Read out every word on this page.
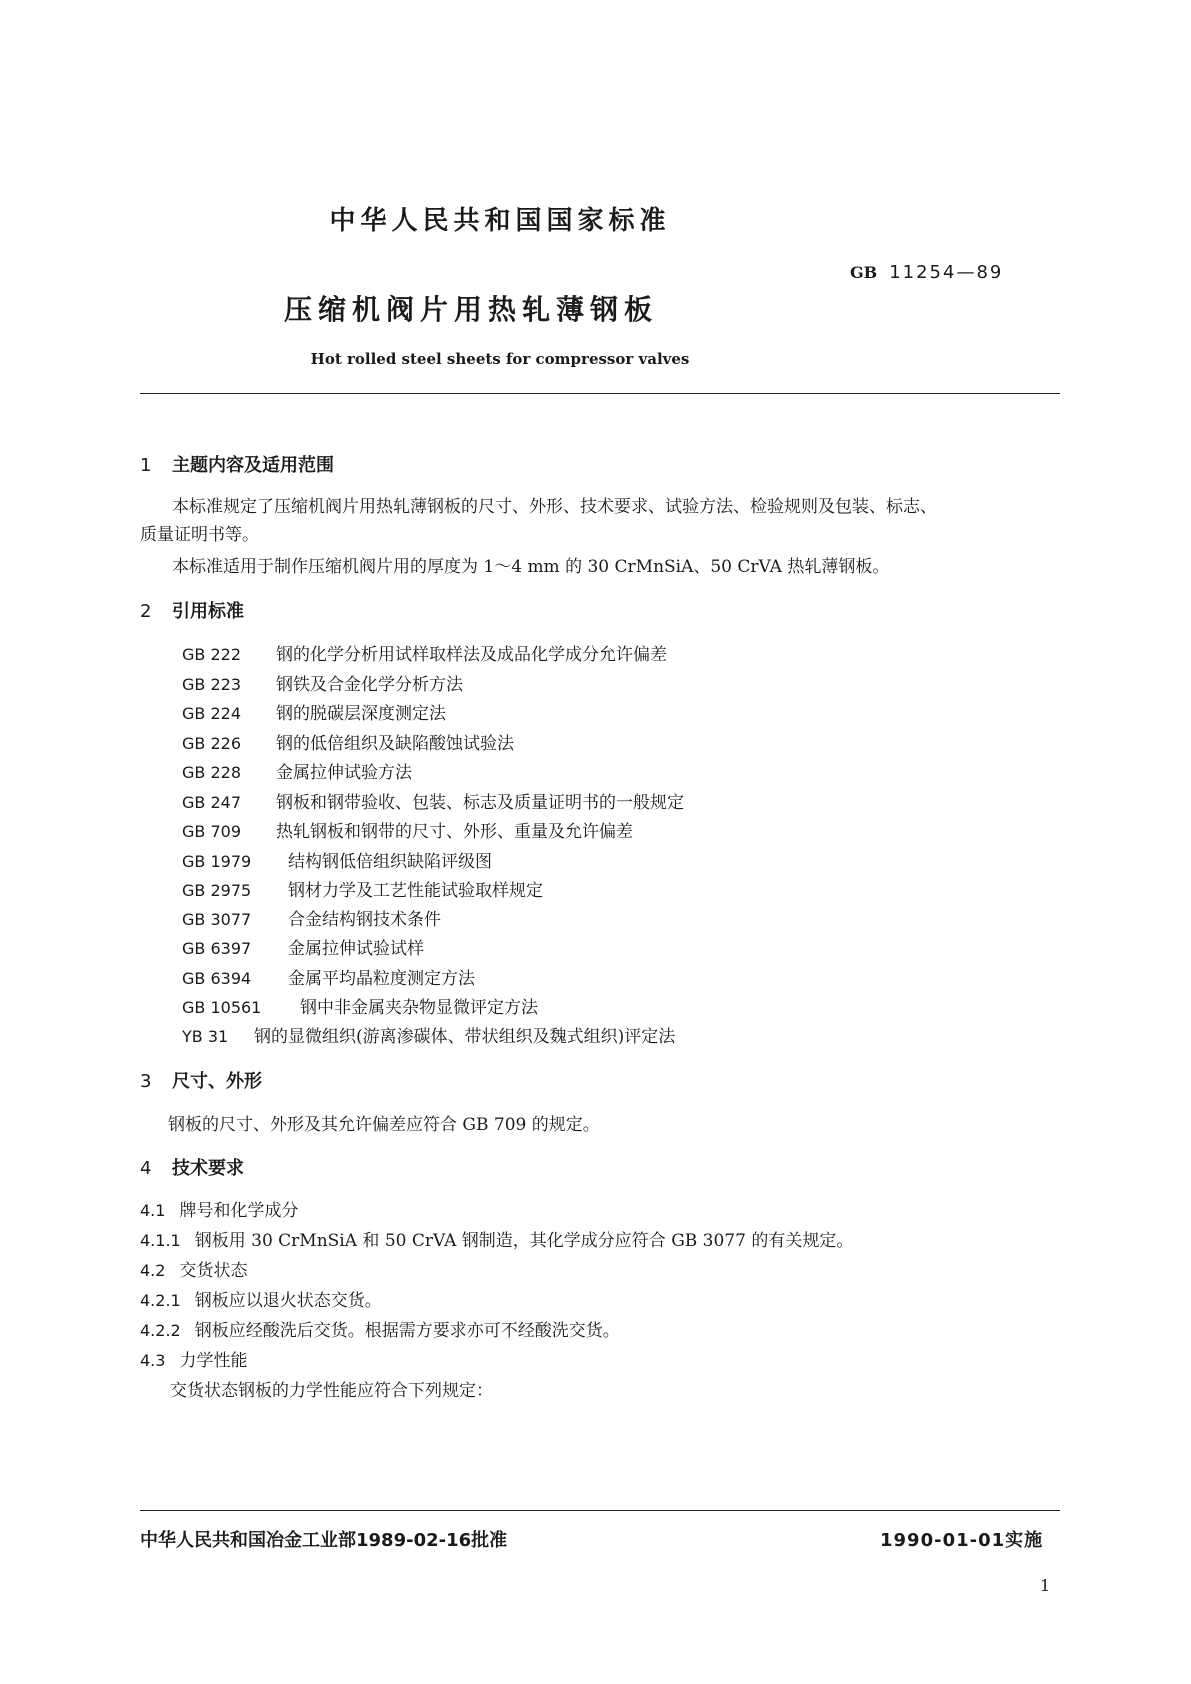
中华人民共和国国家标准
GB 11254—89
压缩机阀片用热轧薄钢板
Hot rolled steel sheets for compressor valves
1 主题内容及适用范围
本标准规定了压缩机阀片用热轧薄钢板的尺寸、外形、技术要求、试验方法、检验规则及包装、标志、
质量证明书等。
本标准适用于制作压缩机阀片用的厚度为 1～4 mm 的 30 CrMnSiA、50 CrVA 热轧薄钢板。
2 引用标准
GB 222 钢的化学分析用试样取样法及成品化学成分允许偏差
GB 223 钢铁及合金化学分析方法
GB 224 钢的脱碳层深度测定法
GB 226 钢的低倍组织及缺陷酸蚀试验法
GB 228 金属拉伸试验方法
GB 247 钢板和钢带验收、包装、标志及质量证明书的一般规定
GB 709 热轧钢板和钢带的尺寸、外形、重量及允许偏差
GB 1979 结构钢低倍组织缺陷评级图
GB 2975 钢材力学及工艺性能试验取样规定
GB 3077 合金结构钢技术条件
GB 6397 金属拉伸试验试样
GB 6394 金属平均晶粒度测定方法
GB 10561 钢中非金属夹杂物显微评定方法
YB 31 钢的显微组织(游离渗碳体、带状组织及魏式组织)评定法
3 尺寸、外形
钢板的尺寸、外形及其允许偏差应符合 GB 709 的规定。
4 技术要求
4.1 牌号和化学成分
4.1.1 钢板用 30 CrMnSiA 和 50 CrVA 钢制造，其化学成分应符合 GB 3077 的有关规定。
4.2 交货状态
4.2.1 钢板应以退火状态交货。
4.2.2 钢板应经酸洗后交货。根据需方要求亦可不经酸洗交货。
4.3 力学性能
交货状态钢板的力学性能应符合下列规定：
中华人民共和国冶金工业部1989-02-16批准	1990-01-01实施
1
